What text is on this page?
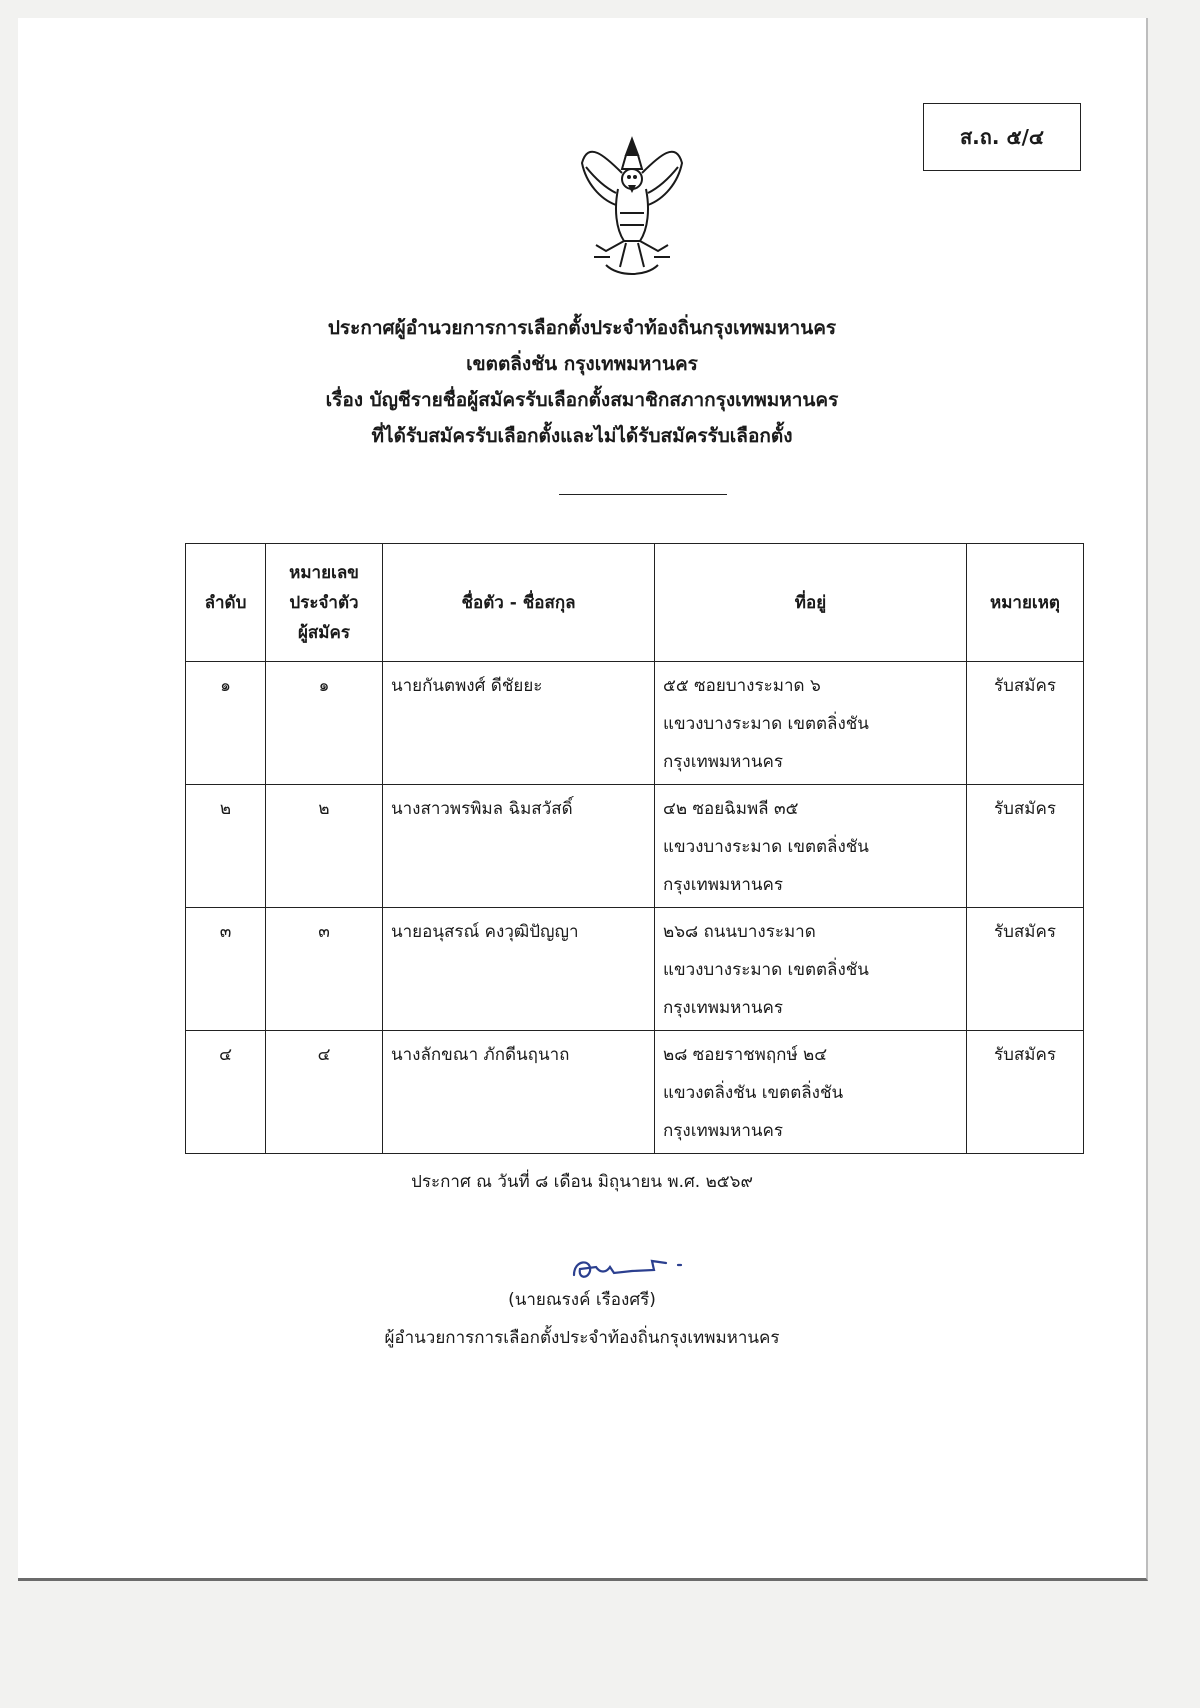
ส.ถ. ๕/๔
ประกาศผู้อำนวยการการเลือกตั้งประจำท้องถิ่นกรุงเทพมหานคร
เขตตลิ่งชัน กรุงเทพมหานคร
เรื่อง บัญชีรายชื่อผู้สมัครรับเลือกตั้งสมาชิกสภากรุงเทพมหานคร
ที่ได้รับสมัครรับเลือกตั้งและไม่ได้รับสมัครรับเลือกตั้ง
ลำดับ	หมายเลข
ประจำตัว
ผู้สมัคร	ชื่อตัว - ชื่อสกุล	ที่อยู่	หมายเหตุ
๑	๑	นายกันตพงศ์ ดีชัยยะ	๕๕ ซอยบางระมาด ๖
แขวงบางระมาด เขตตลิ่งชัน
กรุงเทพมหานคร	รับสมัคร
๒	๒	นางสาวพรพิมล ฉิมสวัสดิ์	๔๒ ซอยฉิมพลี ๓๕
แขวงบางระมาด เขตตลิ่งชัน
กรุงเทพมหานคร	รับสมัคร
๓	๓	นายอนุสรณ์ คงวุฒิปัญญา	๒๖๘ ถนนบางระมาด
แขวงบางระมาด เขตตลิ่งชัน
กรุงเทพมหานคร	รับสมัคร
๔	๔	นางลักขณา ภักดีนฤนาถ	๒๘ ซอยราชพฤกษ์ ๒๔
แขวงตลิ่งชัน เขตตลิ่งชัน
กรุงเทพมหานคร	รับสมัคร
ประกาศ ณ วันที่ ๘ เดือน มิถุนายน พ.ศ. ๒๕๖๙
(นายณรงค์ เรืองศรี)
ผู้อำนวยการการเลือกตั้งประจำท้องถิ่นกรุงเทพมหานคร
